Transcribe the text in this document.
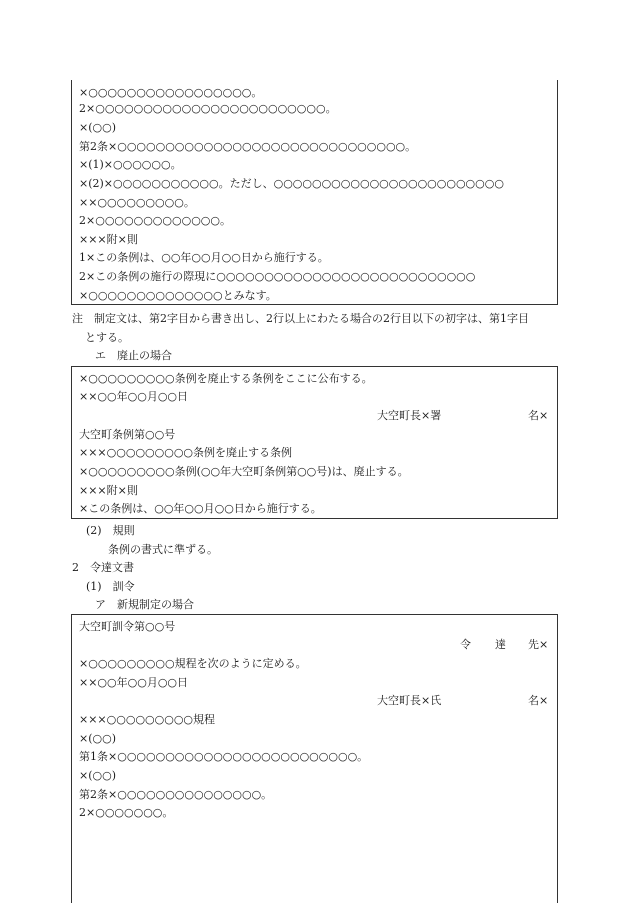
×○○○○○○○○○○○○○○○○○。
2×○○○○○○○○○○○○○○○○○○○○○○○○。
×(○○)
第2条×○○○○○○○○○○○○○○○○○○○○○○○○○○○○○○。
×(1)×○○○○○○。
×(2)×○○○○○○○○○○○。ただし、○○○○○○○○○○○○○○○○○○○○○○○○
××○○○○○○○○○。
2×○○○○○○○○○○○○○。
×××附×則
1×この条例は、○○年○○月○○日から施行する。
2×この条例の施行の際現に○○○○○○○○○○○○○○○○○○○○○○○○○○○
×○○○○○○○○○○○○○○とみなす。
注　制定文は、第2字目から書き出し、2行以上にわたる場合の2行目以下の初字は、第1字目
とする。
エ　廃止の場合
×○○○○○○○○○条例を廃止する条例をここに公布する。
××○○年○○月○○日
大空町長×署	名×
大空町条例第○○号
×××○○○○○○○○○条例を廃止する条例
×○○○○○○○○○条例(○○年大空町条例第○○号)は、廃止する。
×××附×則
×この条例は、○○年○○月○○日から施行する。
(2)　規則
条例の書式に準ずる。
2　令達文書
(1)　訓令
ア　新規制定の場合
大空町訓令第○○号
令 達 先×
×○○○○○○○○○規程を次のように定める。
××○○年○○月○○日
大空町長×氏	名×
×××○○○○○○○○○規程
×(○○)
第1条×○○○○○○○○○○○○○○○○○○○○○○○○○。
×(○○)
第2条×○○○○○○○○○○○○○○○。
2×○○○○○○○。
